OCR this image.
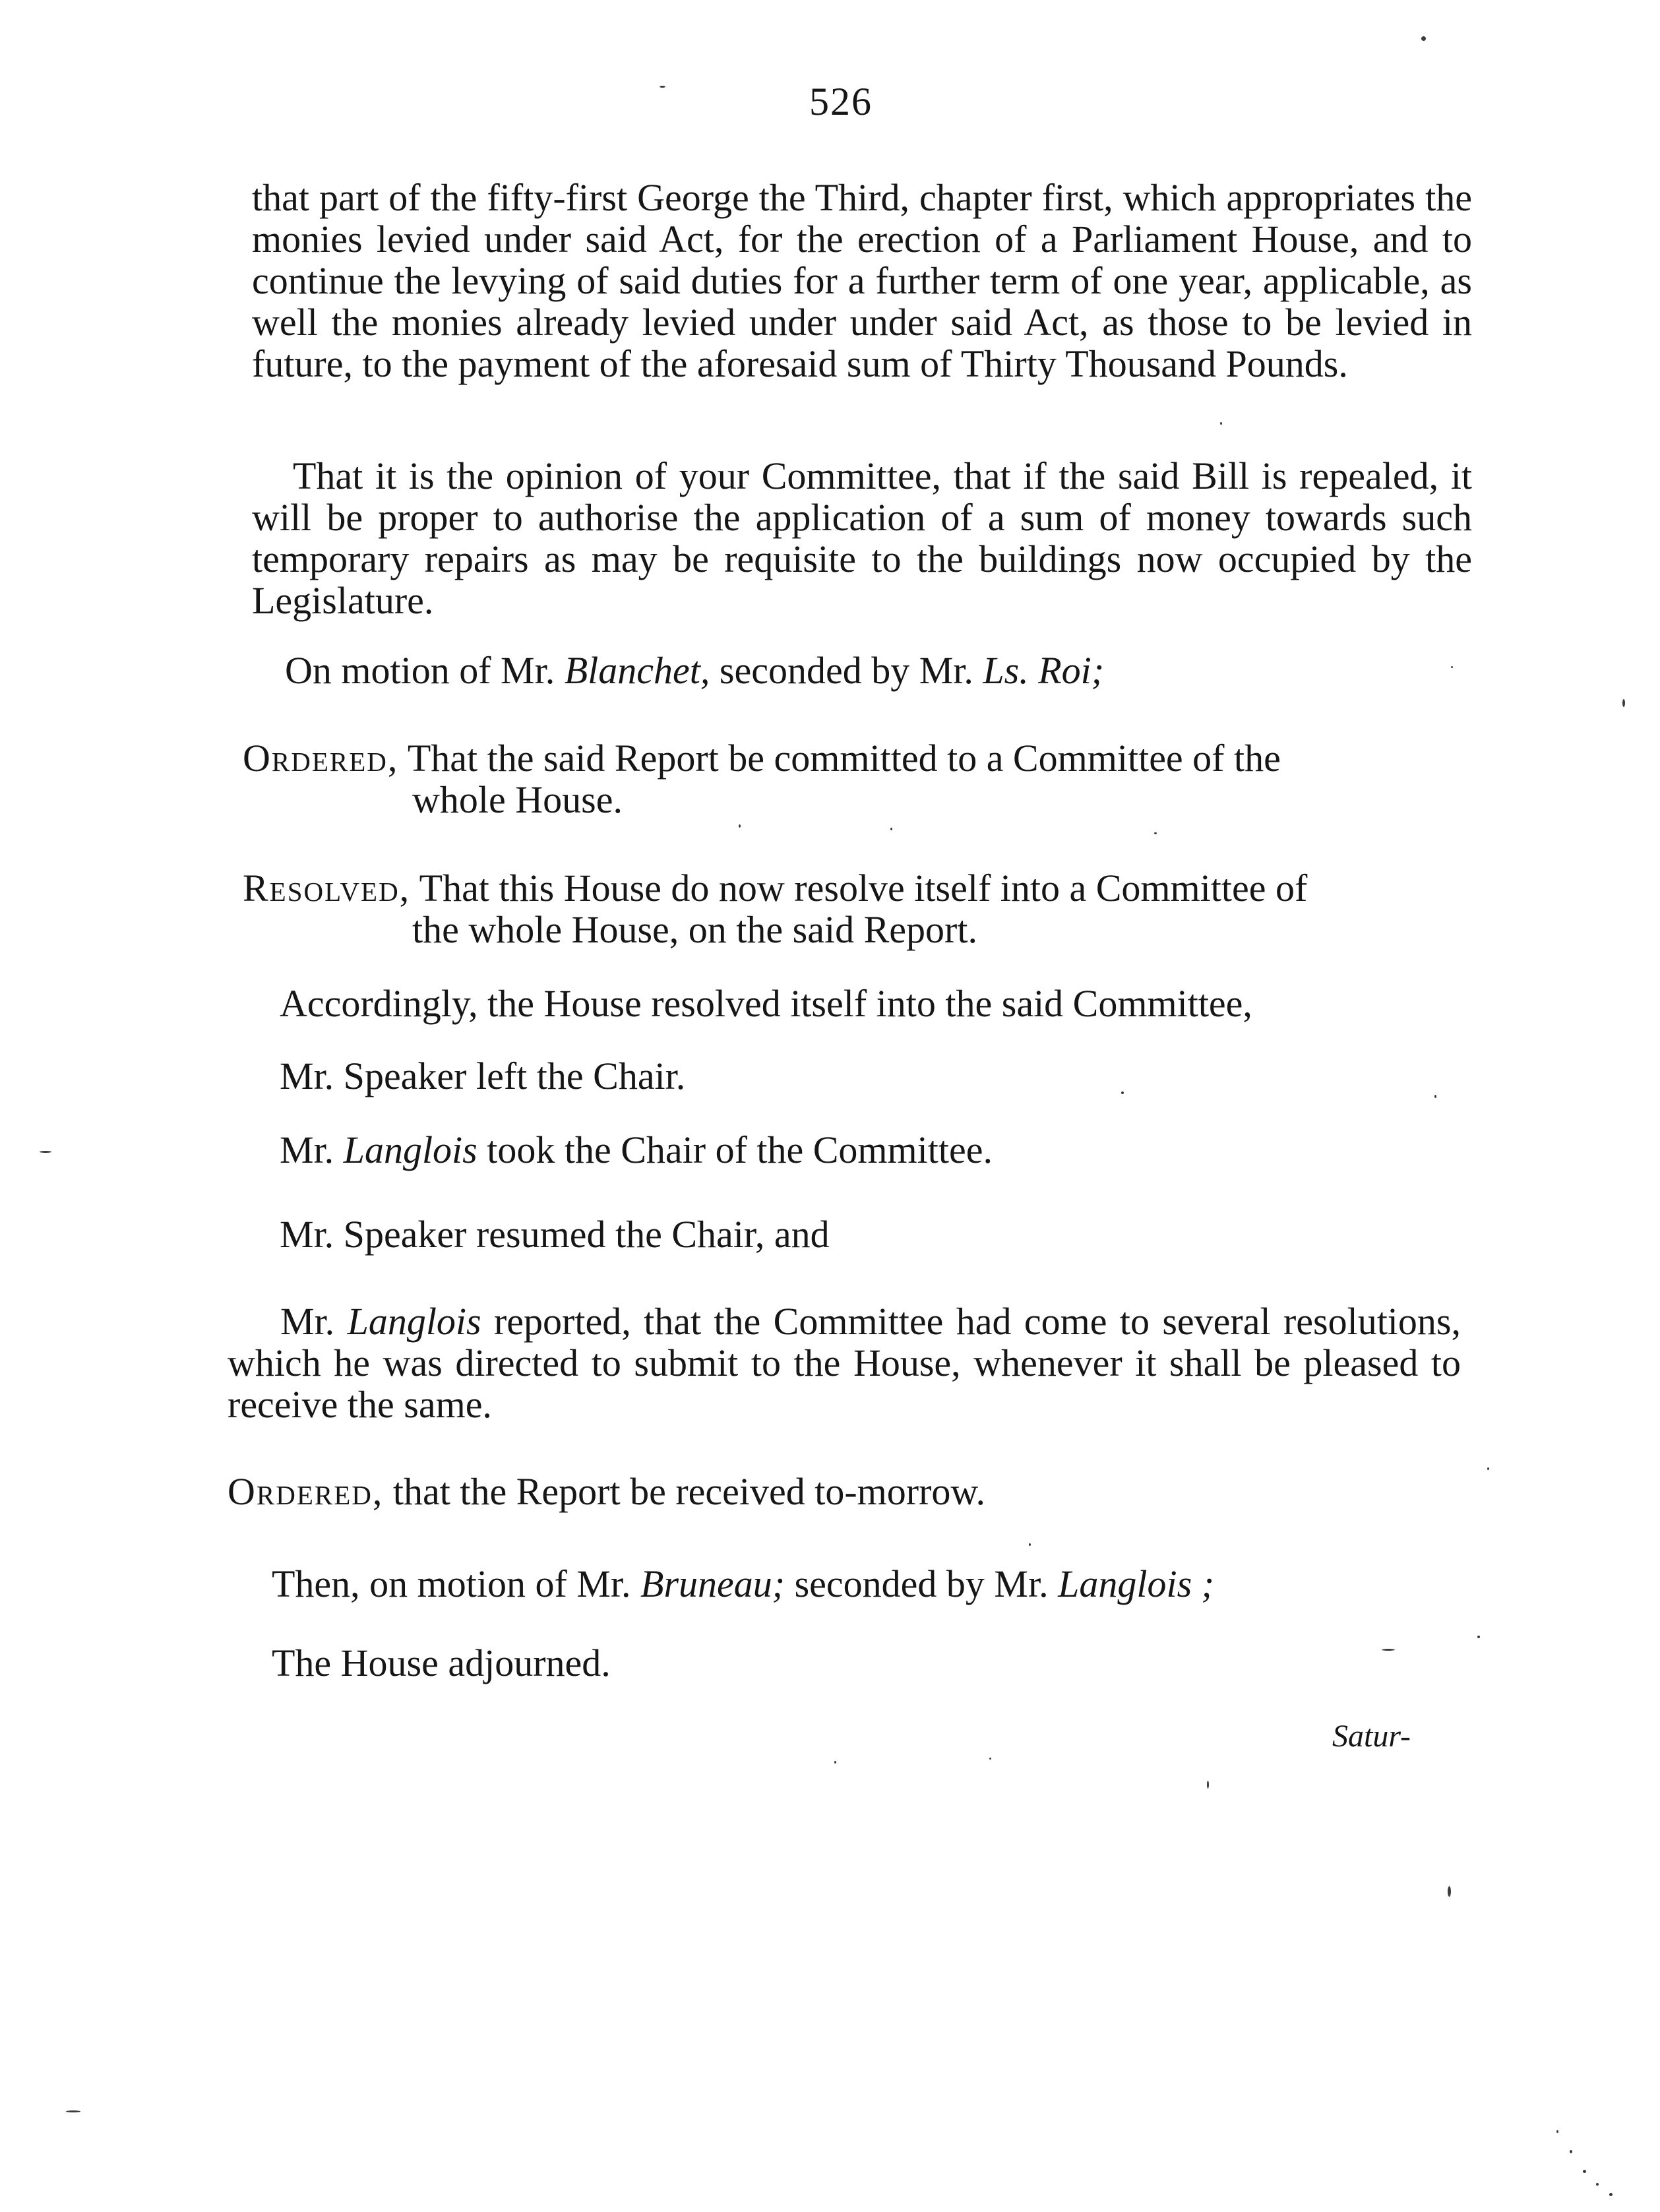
526

that part of the fifty-first George the Third, chapter first, which appropriates the monies levied under said Act, for the erection of a Parliament House, and to continue the levying of said duties for a further term of one year, applicable, as well the monies already levied under under said Act, as those to be levied in future, to the payment of the aforesaid sum of Thirty Thousand Pounds.

That it is the opinion of your Committee, that if the said Bill is repealed, it will be proper to authorise the application of a sum of money towards such temporary repairs as may be requisite to the buildings now occupied by the Legislature.

On motion of Mr. Blanchet, seconded by Mr. Ls. Roi;

Ordered, That the said Report be committed to a Committee of the

whole House.

Resolved, That this House do now resolve itself into a Committee of

the whole House, on the said Report.

Accordingly, the House resolved itself into the said Committee,

Mr. Speaker left the Chair.

Mr. Langlois took the Chair of the Committee.

Mr. Speaker resumed the Chair, and

Mr. Langlois reported, that the Committee had come to several resolutions, which he was directed to submit to the House, whenever it shall be pleased to receive the same.

Ordered, that the Report be received to-morrow.

Then, on motion of Mr. Bruneau; seconded by Mr. Langlois ;

The House adjourned.

Satur-
